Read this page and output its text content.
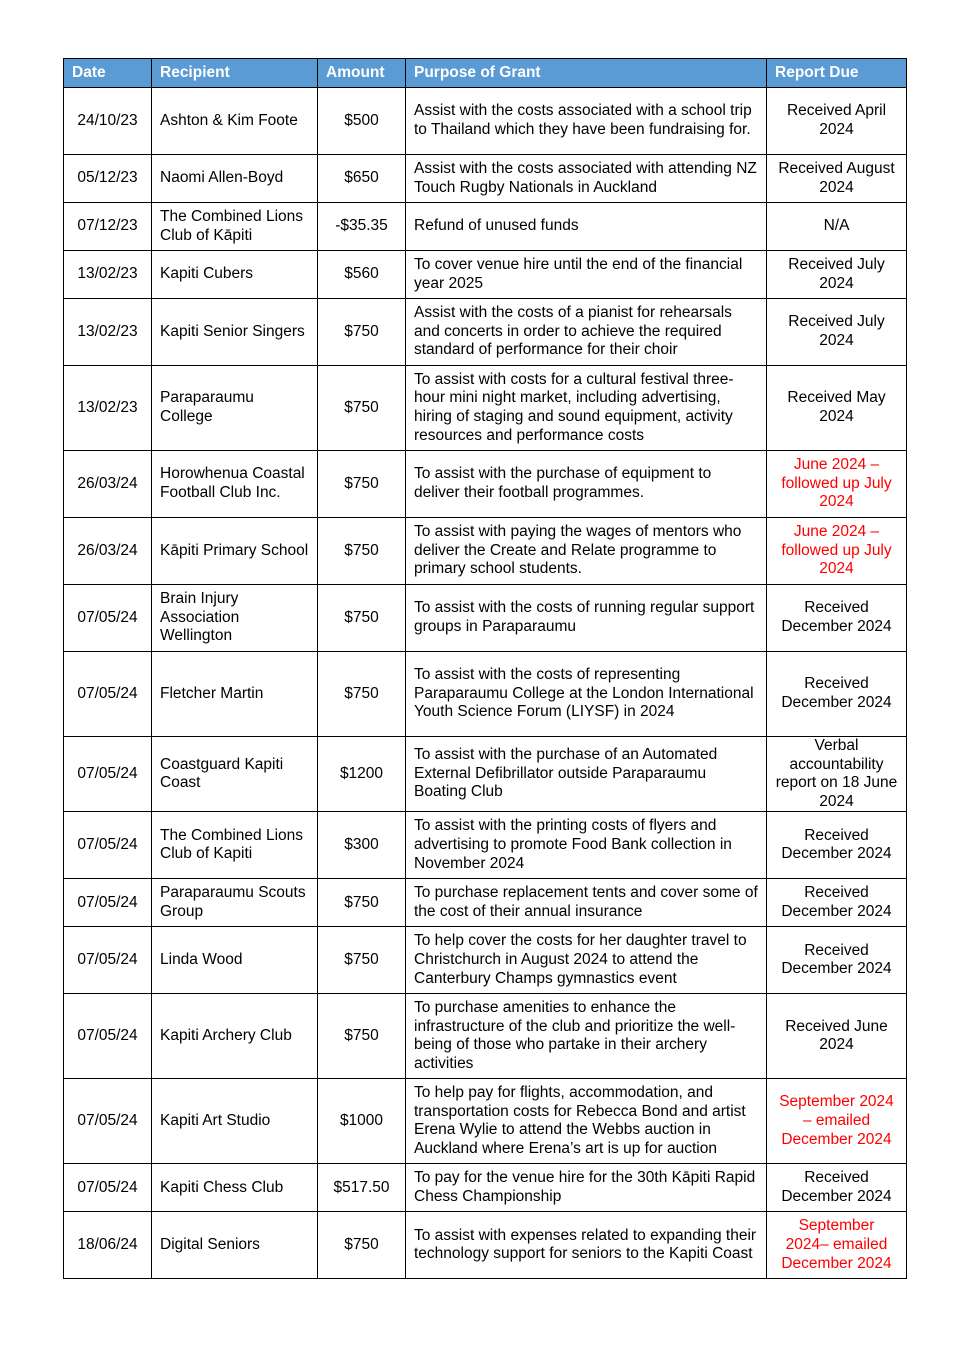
Date	Recipient	Amount	Purpose of Grant	Report Due
24/10/23	Ashton & Kim Foote	$500	Assist with the costs associated with a school trip to Thailand which they have been fundraising for.	Received April 2024
05/12/23	Naomi Allen-Boyd	$650	Assist with the costs associated with attending NZ Touch Rugby Nationals in Auckland	Received August 2024
07/12/23	The Combined Lions Club of Kāpiti	-$35.35	Refund of unused funds	N/A
13/02/23	Kapiti Cubers	$560	To cover venue hire until the end of the financial year 2025	Received July 2024
13/02/23	Kapiti Senior Singers	$750	Assist with the costs of a pianist for rehearsals and concerts in order to achieve the required standard of performance for their choir	Received July 2024
13/02/23	Paraparaumu College	$750	To assist with costs for a cultural festival three-hour mini night market, including advertising, hiring of staging and sound equipment, activity resources and performance costs	Received May 2024
26/03/24	Horowhenua Coastal Football Club Inc.	$750	To assist with the purchase of equipment to deliver their football programmes.	June 2024 – followed up July 2024
26/03/24	Kāpiti Primary School	$750	To assist with paying the wages of mentors who deliver the Create and Relate programme to primary school students.	June 2024 – followed up July 2024
07/05/24	Brain Injury Association Wellington	$750	To assist with the costs of running regular support groups in Paraparaumu	Received December 2024
07/05/24	Fletcher Martin	$750	To assist with the costs of representing Paraparaumu College at the London International Youth Science Forum (LIYSF) in 2024	Received December 2024
07/05/24	Coastguard Kapiti Coast	$1200	To assist with the purchase of an Automated External Defibrillator outside Paraparaumu Boating Club	Verbal accountability report on 18 June 2024
07/05/24	The Combined Lions Club of Kapiti	$300	To assist with the printing costs of flyers and advertising to promote Food Bank collection in November 2024	Received December 2024
07/05/24	Paraparaumu Scouts Group	$750	To purchase replacement tents and cover some of the cost of their annual insurance	Received December 2024
07/05/24	Linda Wood	$750	To help cover the costs for her daughter travel to Christchurch in August 2024 to attend the Canterbury Champs gymnastics event	Received December 2024
07/05/24	Kapiti Archery Club	$750	To purchase amenities to enhance the infrastructure of the club and prioritize the well-being of those who partake in their archery activities	Received June 2024
07/05/24	Kapiti Art Studio	$1000	To help pay for flights, accommodation, and transportation costs for Rebecca Bond and artist Erena Wylie to attend the Webbs auction in Auckland where Erena’s art is up for auction	September 2024 – emailed December 2024
07/05/24	Kapiti Chess Club	$517.50	To pay for the venue hire for the 30th Kāpiti Rapid Chess Championship	Received December 2024
18/06/24	Digital Seniors	$750	To assist with expenses related to expanding their technology support for seniors to the Kapiti Coast	September 2024– emailed December 2024
